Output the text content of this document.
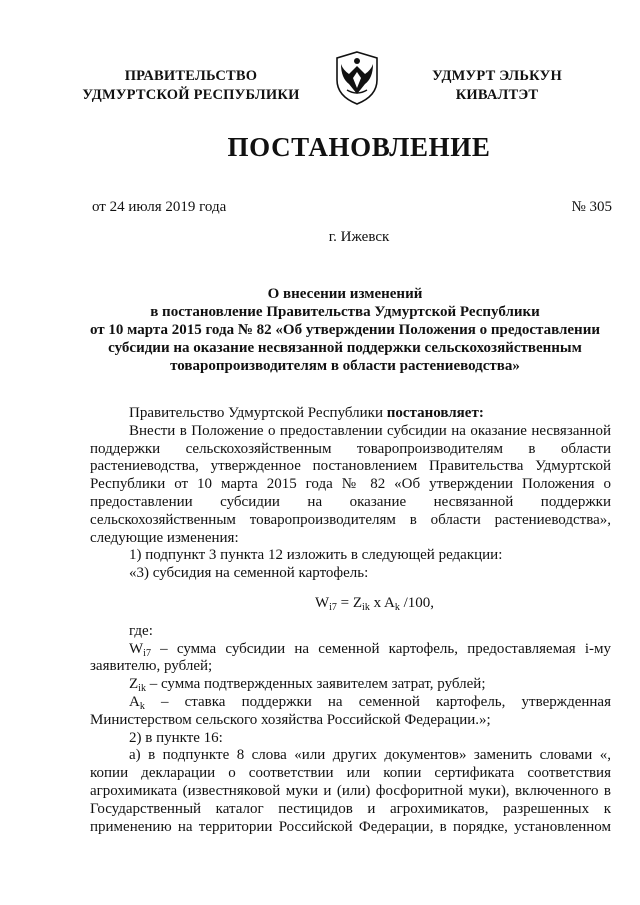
ПРАВИТЕЛЬСТВО
УДМУРТСКОЙ РЕСПУБЛИКИ
УДМУРТ ЭЛЬКУН
КИВАЛТЭТ
ПОСТАНОВЛЕНИЕ
от 24 июля 2019 года	№ 305
г. Ижевск
О внесении изменений
в постановление Правительства Удмуртской Республики
от 10 марта 2015 года № 82 «Об утверждении Положения о предоставлении
субсидии на оказание несвязанной поддержки сельскохозяйственным
товаропроизводителям в области растениеводства»
Правительство Удмуртской Республики постановляет:
Внести в Положение о предоставлении субсидии на оказание несвязанной поддержки сельскохозяйственным товаропроизводителям в области растениеводства, утвержденное постановлением Правительства Удмуртской Республики от 10 марта 2015 года № 82 «Об утверждении Положения о предоставлении субсидии на оказание несвязанной поддержки сельскохозяйственным товаропроизводителям в области растениеводства», следующие изменения:
1) подпункт 3 пункта 12 изложить в следующей редакции:
«3) субсидия на семенной картофель:
$W_{i7} = Z_{ik}$ x $A_k$ /100,
где:
$W_{i7}$ – сумма субсидии на семенной картофель, предоставляемая i-му заявителю, рублей;
$Z_{ik}$ – сумма подтвержденных заявителем затрат, рублей;
$A_k$ – ставка поддержки на семенной картофель, утвержденная Министерством сельского хозяйства Российской Федерации.»;
2) в пункте 16:
а) в подпункте 8 слова «или других документов» заменить словами «, копии декларации о соответствии или копии сертификата соответствия агрохимиката (известняковой муки и (или) фосфоритной муки), включенного в Государственный каталог пестицидов и агрохимикатов, разрешенных к применению на территории Российской Федерации, в порядке, установленном
